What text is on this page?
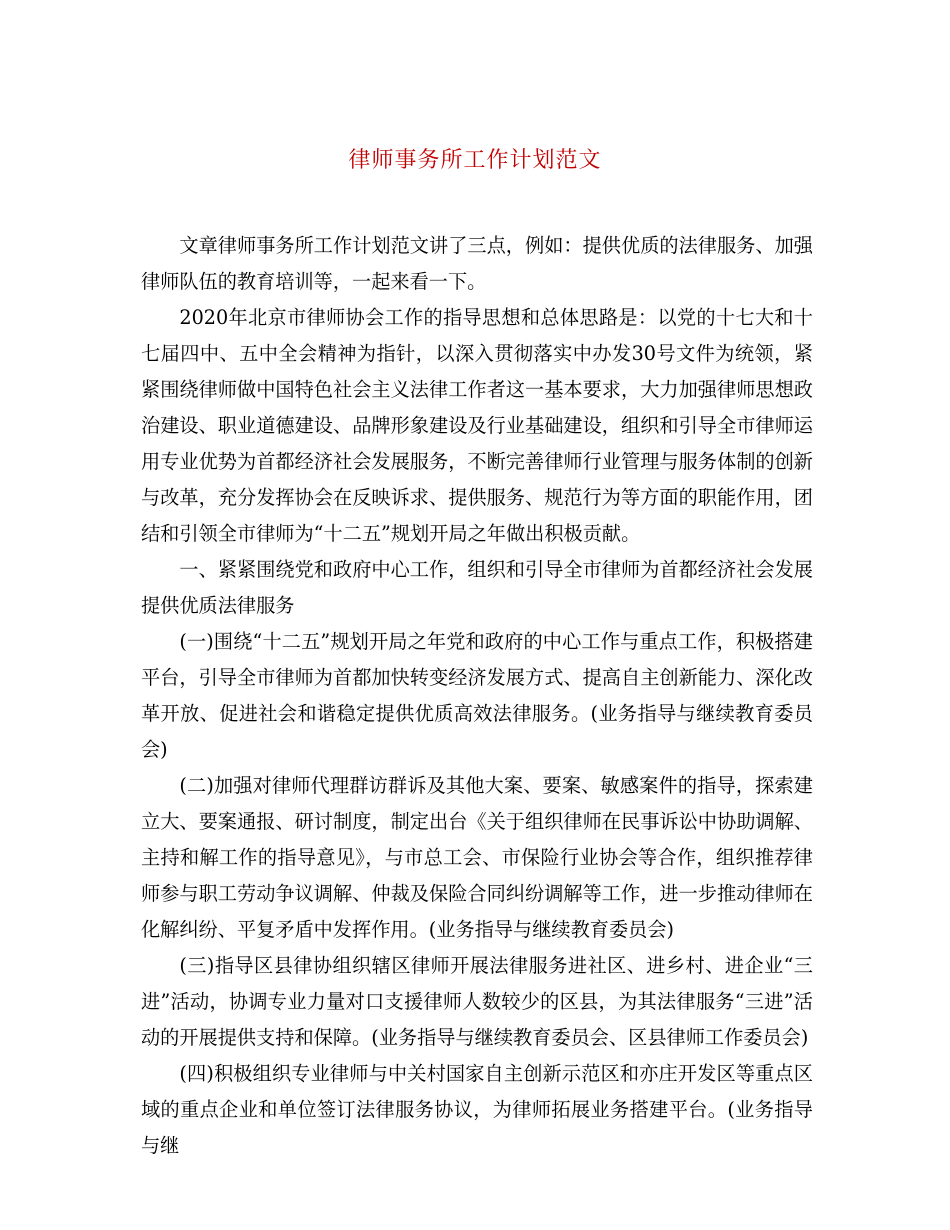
律师事务所工作计划范文

文章律师事务所工作计划范文讲了三点，例如：提供优质的法律服务、加强律师队伍的教育培训等，一起来看一下。

2020年北京市律师协会工作的指导思想和总体思路是：以党的十七大和十七届四中、五中全会精神为指针，以深入贯彻落实中办发30号文件为统领，紧紧围绕律师做中国特色社会主义法律工作者这一基本要求，大力加强律师思想政治建设、职业道德建设、品牌形象建设及行业基础建设，组织和引导全市律师运用专业优势为首都经济社会发展服务，不断完善律师行业管理与服务体制的创新与改革，充分发挥协会在反映诉求、提供服务、规范行为等方面的职能作用，团结和引领全市律师为“十二五”规划开局之年做出积极贡献。

一、紧紧围绕党和政府中心工作，组织和引导全市律师为首都经济社会发展提供优质法律服务

(一)围绕“十二五”规划开局之年党和政府的中心工作与重点工作，积极搭建平台，引导全市律师为首都加快转变经济发展方式、提高自主创新能力、深化改革开放、促进社会和谐稳定提供优质高效法律服务。(业务指导与继续教育委员会)

(二)加强对律师代理群访群诉及其他大案、要案、敏感案件的指导，探索建立大、要案通报、研讨制度，制定出台《关于组织律师在民事诉讼中协助调解、主持和解工作的指导意见》，与市总工会、市保险行业协会等合作，组织推荐律师参与职工劳动争议调解、仲裁及保险合同纠纷调解等工作，进一步推动律师在化解纠纷、平复矛盾中发挥作用。(业务指导与继续教育委员会)

(三)指导区县律协组织辖区律师开展法律服务进社区、进乡村、进企业“三进”活动，协调专业力量对口支援律师人数较少的区县，为其法律服务“三进”活动的开展提供支持和保障。(业务指导与继续教育委员会、区县律师工作委员会)

(四)积极组织专业律师与中关村国家自主创新示范区和亦庄开发区等重点区域的重点企业和单位签订法律服务协议，为律师拓展业务搭建平台。(业务指导与继
